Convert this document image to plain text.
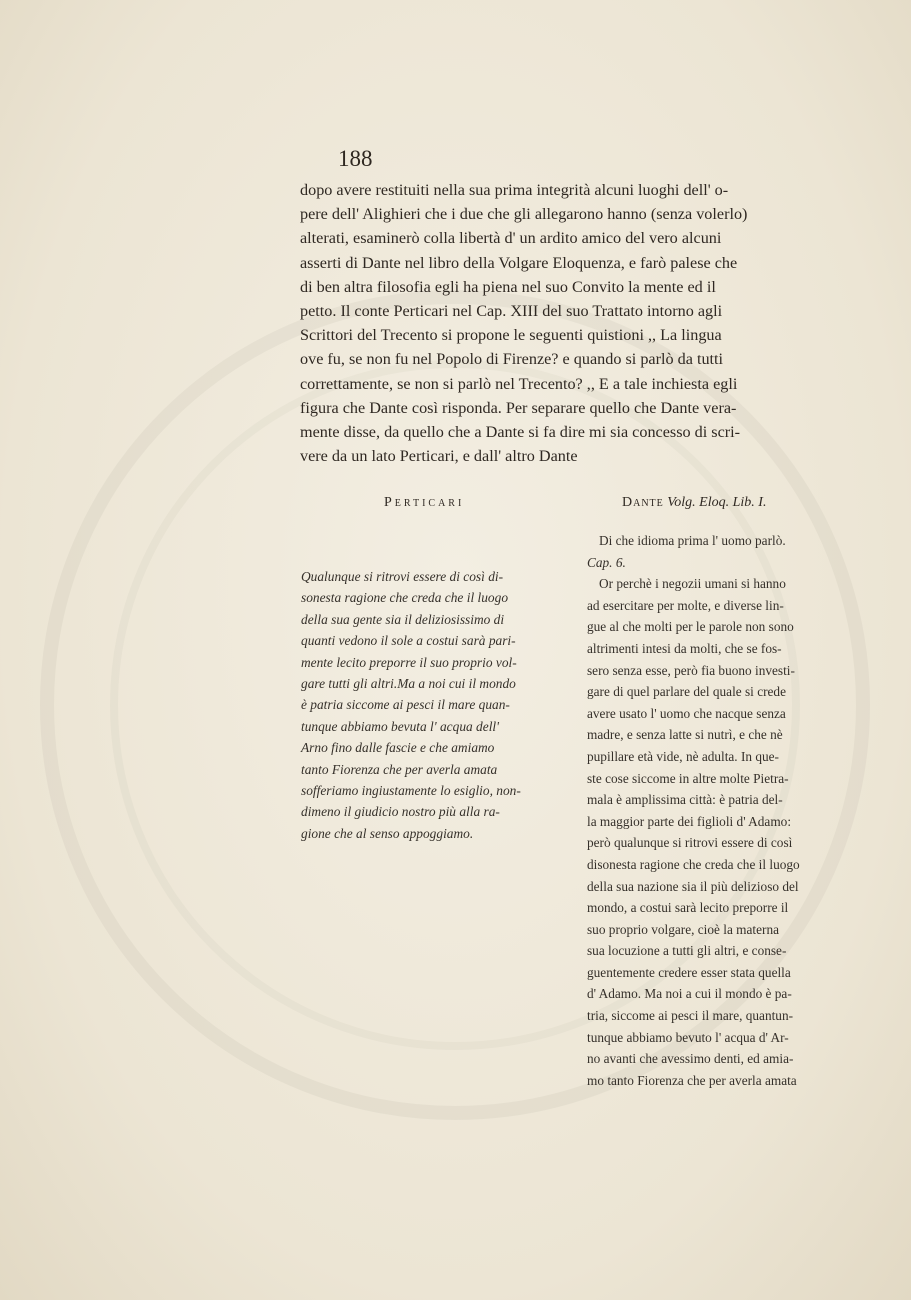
188
dopo avere restituiti nella sua prima integrità alcuni luoghi dell' o-
pere dell' Alighieri che i due che gli allegarono hanno (senza volerlo)
alterati, esaminerò colla libertà d' un ardito amico del vero alcuni
asserti di Dante nel libro della Volgare Eloquenza, e farò palese che
di ben altra filosofia egli ha piena nel suo Convito la mente ed il
petto. Il conte Perticari nel Cap. XIII del suo Trattato intorno agli
Scrittori del Trecento si propone le seguenti quistioni ,, La lingua
ove fu, se non fu nel Popolo di Firenze? e quando si parlò da tutti
correttamente, se non si parlò nel Trecento? ,, E a tale inchiesta egli
figura che Dante così risponda. Per separare quello che Dante vera-
mente disse, da quello che a Dante si fa dire mi sia concesso di scri-
vere da un lato Perticari, e dall' altro Dante
Perticari	Dante Volg. Eloq. Lib. I.
Qualunque si ritrovi essere di così di-
sonesta ragione che creda che il luogo
della sua gente sia il deliziosissimo di
quanti vedono il sole a costui sarà pari-
mente lecito preporre il suo proprio vol-
gare tutti gli altri.Ma a noi cui il mondo
è patria siccome ai pesci il mare quan-
tunque abbiamo bevuta l' acqua dell'
Arno fino dalle fascie e che amiamo
tanto Fiorenza che per averla amata
sofferiamo ingiustamente lo esiglio, non-
dimeno il giudicio nostro più alla ra-
gione che al senso appoggiamo.
Di che idioma prima l' uomo parlò.
Cap. 6.
Or perchè i negozii umani si hanno
ad esercitare per molte, e diverse lin-
gue al che molti per le parole non sono
altrimenti intesi da molti, che se fos-
sero senza esse, però fia buono investi-
gare di quel parlare del quale si crede
avere usato l' uomo che nacque senza
madre, e senza latte si nutrì, e che nè
pupillare età vide, nè adulta. In que-
ste cose siccome in altre molte Pietra-
mala è amplissima città: è patria del-
la maggior parte dei figlioli d' Adamo:
però qualunque si ritrovi essere di così
disonesta ragione che creda che il luogo
della sua nazione sia il più delizioso del
mondo, a costui sarà lecito preporre il
suo proprio volgare, cioè la materna
sua locuzione a tutti gli altri, e conse-
guentemente credere esser stata quella
d' Adamo. Ma noi a cui il mondo è pa-
tria, siccome ai pesci il mare, quantun-
tunque abbiamo bevuto l' acqua d' Ar-
no avanti che avessimo denti, ed amia-
mo tanto Fiorenza che per averla amata
